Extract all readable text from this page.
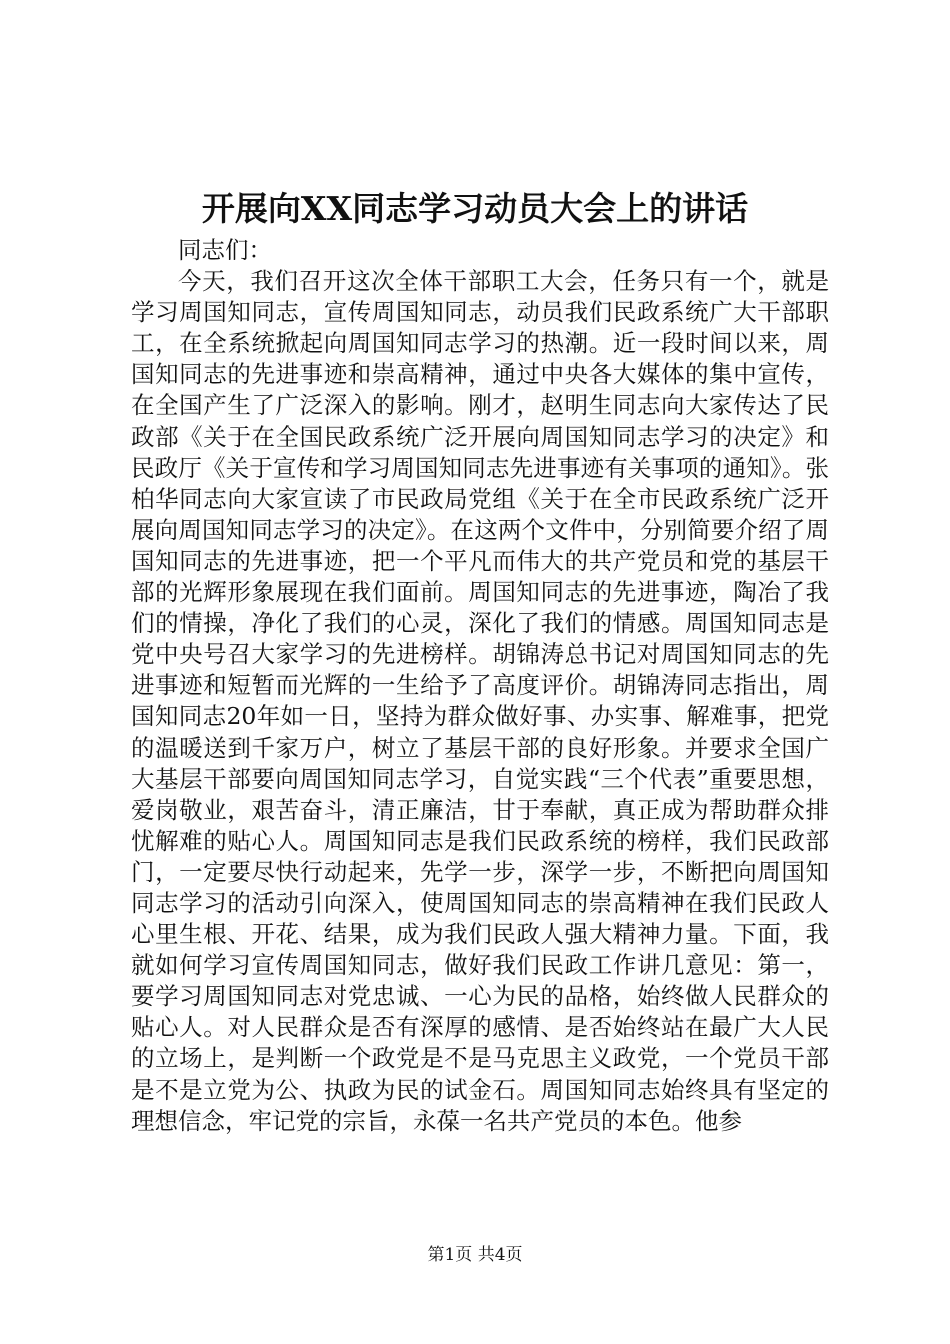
开展向XX同志学习动员大会上的讲话

同志们：

今天，我们召开这次全体干部职工大会，任务只有一个，就是学习周国知同志，宣传周国知同志，动员我们民政系统广大干部职工，在全系统掀起向周国知同志学习的热潮。近一段时间以来，周国知同志的先进事迹和崇高精神，通过中央各大媒体的集中宣传，在全国产生了广泛深入的影响。刚才，赵明生同志向大家传达了民政部《关于在全国民政系统广泛开展向周国知同志学习的决定》和民政厅《关于宣传和学习周国知同志先进事迹有关事项的通知》。张柏华同志向大家宣读了市民政局党组《关于在全市民政系统广泛开展向周国知同志学习的决定》。在这两个文件中，分别简要介绍了周国知同志的先进事迹，把一个平凡而伟大的共产党员和党的基层干部的光辉形象展现在我们面前。周国知同志的先进事迹，陶冶了我们的情操，净化了我们的心灵，深化了我们的情感。周国知同志是党中央号召大家学习的先进榜样。胡锦涛总书记对周国知同志的先进事迹和短暂而光辉的一生给予了高度评价。胡锦涛同志指出，周国知同志20年如一日，坚持为群众做好事、办实事、解难事，把党的温暖送到千家万户，树立了基层干部的良好形象。并要求全国广大基层干部要向周国知同志学习，自觉实践“三个代表”重要思想，爱岗敬业，艰苦奋斗，清正廉洁，甘于奉献，真正成为帮助群众排忧解难的贴心人。周国知同志是我们民政系统的榜样，我们民政部门，一定要尽快行动起来，先学一步，深学一步，不断把向周国知同志学习的活动引向深入，使周国知同志的崇高精神在我们民政人心里生根、开花、结果，成为我们民政人强大精神力量。下面，我就如何学习宣传周国知同志，做好我们民政工作讲几意见：第一，要学习周国知同志对党忠诚、一心为民的品格，始终做人民群众的贴心人。对人民群众是否有深厚的感情、是否始终站在最广大人民的立场上，是判断一个政党是不是马克思主义政党，一个党员干部是不是立党为公、执政为民的试金石。周国知同志始终具有坚定的理想信念，牢记党的宗旨，永葆一名共产党员的本色。他参

第1页 共4页
